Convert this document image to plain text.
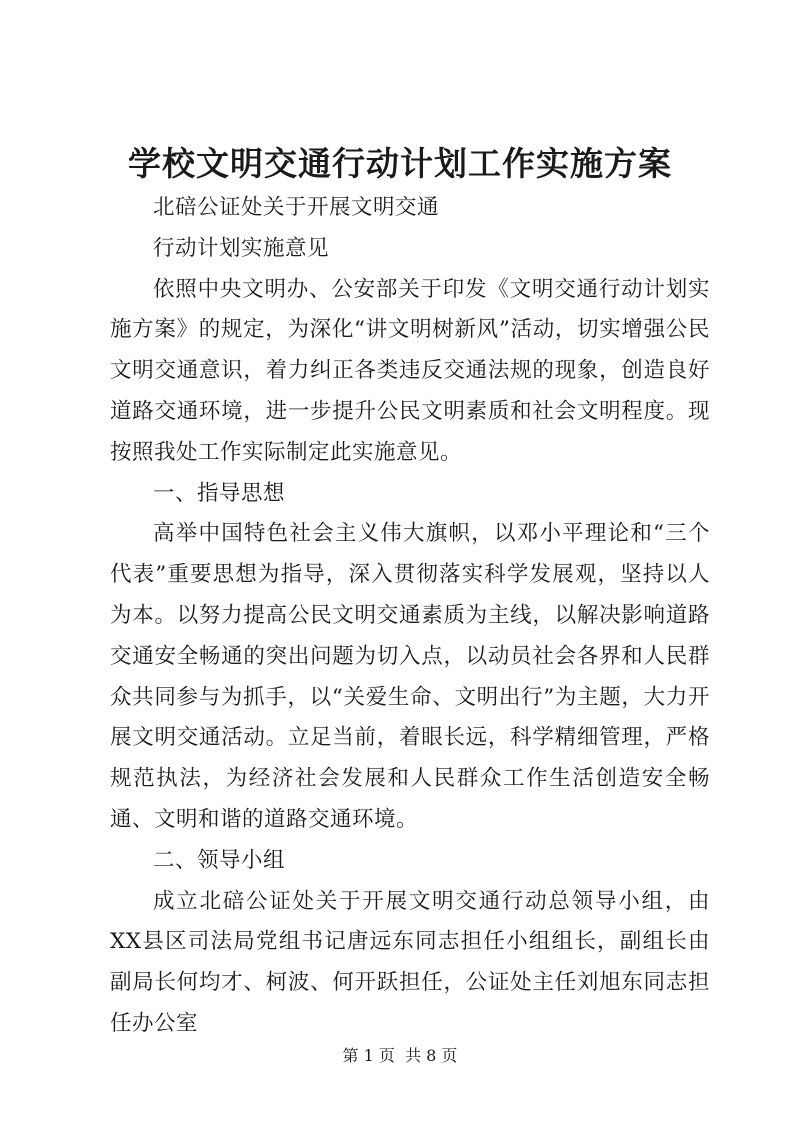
学校文明交通行动计划工作实施方案

北碚公证处关于开展文明交通

行动计划实施意见

依照中央文明办、公安部关于印发《文明交通行动计划实施方案》的规定，为深化“讲文明树新风”活动，切实增强公民文明交通意识，着力纠正各类违反交通法规的现象，创造良好道路交通环境，进一步提升公民文明素质和社会文明程度。现按照我处工作实际制定此实施意见。

一、指导思想

高举中国特色社会主义伟大旗帜，以邓小平理论和“三个代表”重要思想为指导，深入贯彻落实科学发展观，坚持以人为本。以努力提高公民文明交通素质为主线，以解决影响道路交通安全畅通的突出问题为切入点，以动员社会各界和人民群众共同参与为抓手，以“关爱生命、文明出行”为主题，大力开展文明交通活动。立足当前，着眼长远，科学精细管理，严格规范执法，为经济社会发展和人民群众工作生活创造安全畅通、文明和谐的道路交通环境。

二、领导小组

成立北碚公证处关于开展文明交通行动总领导小组，由XX县区司法局党组书记唐远东同志担任小组组长，副组长由副局长何均才、柯波、何开跃担任，公证处主任刘旭东同志担任办公室

第 1 页  共 8 页
